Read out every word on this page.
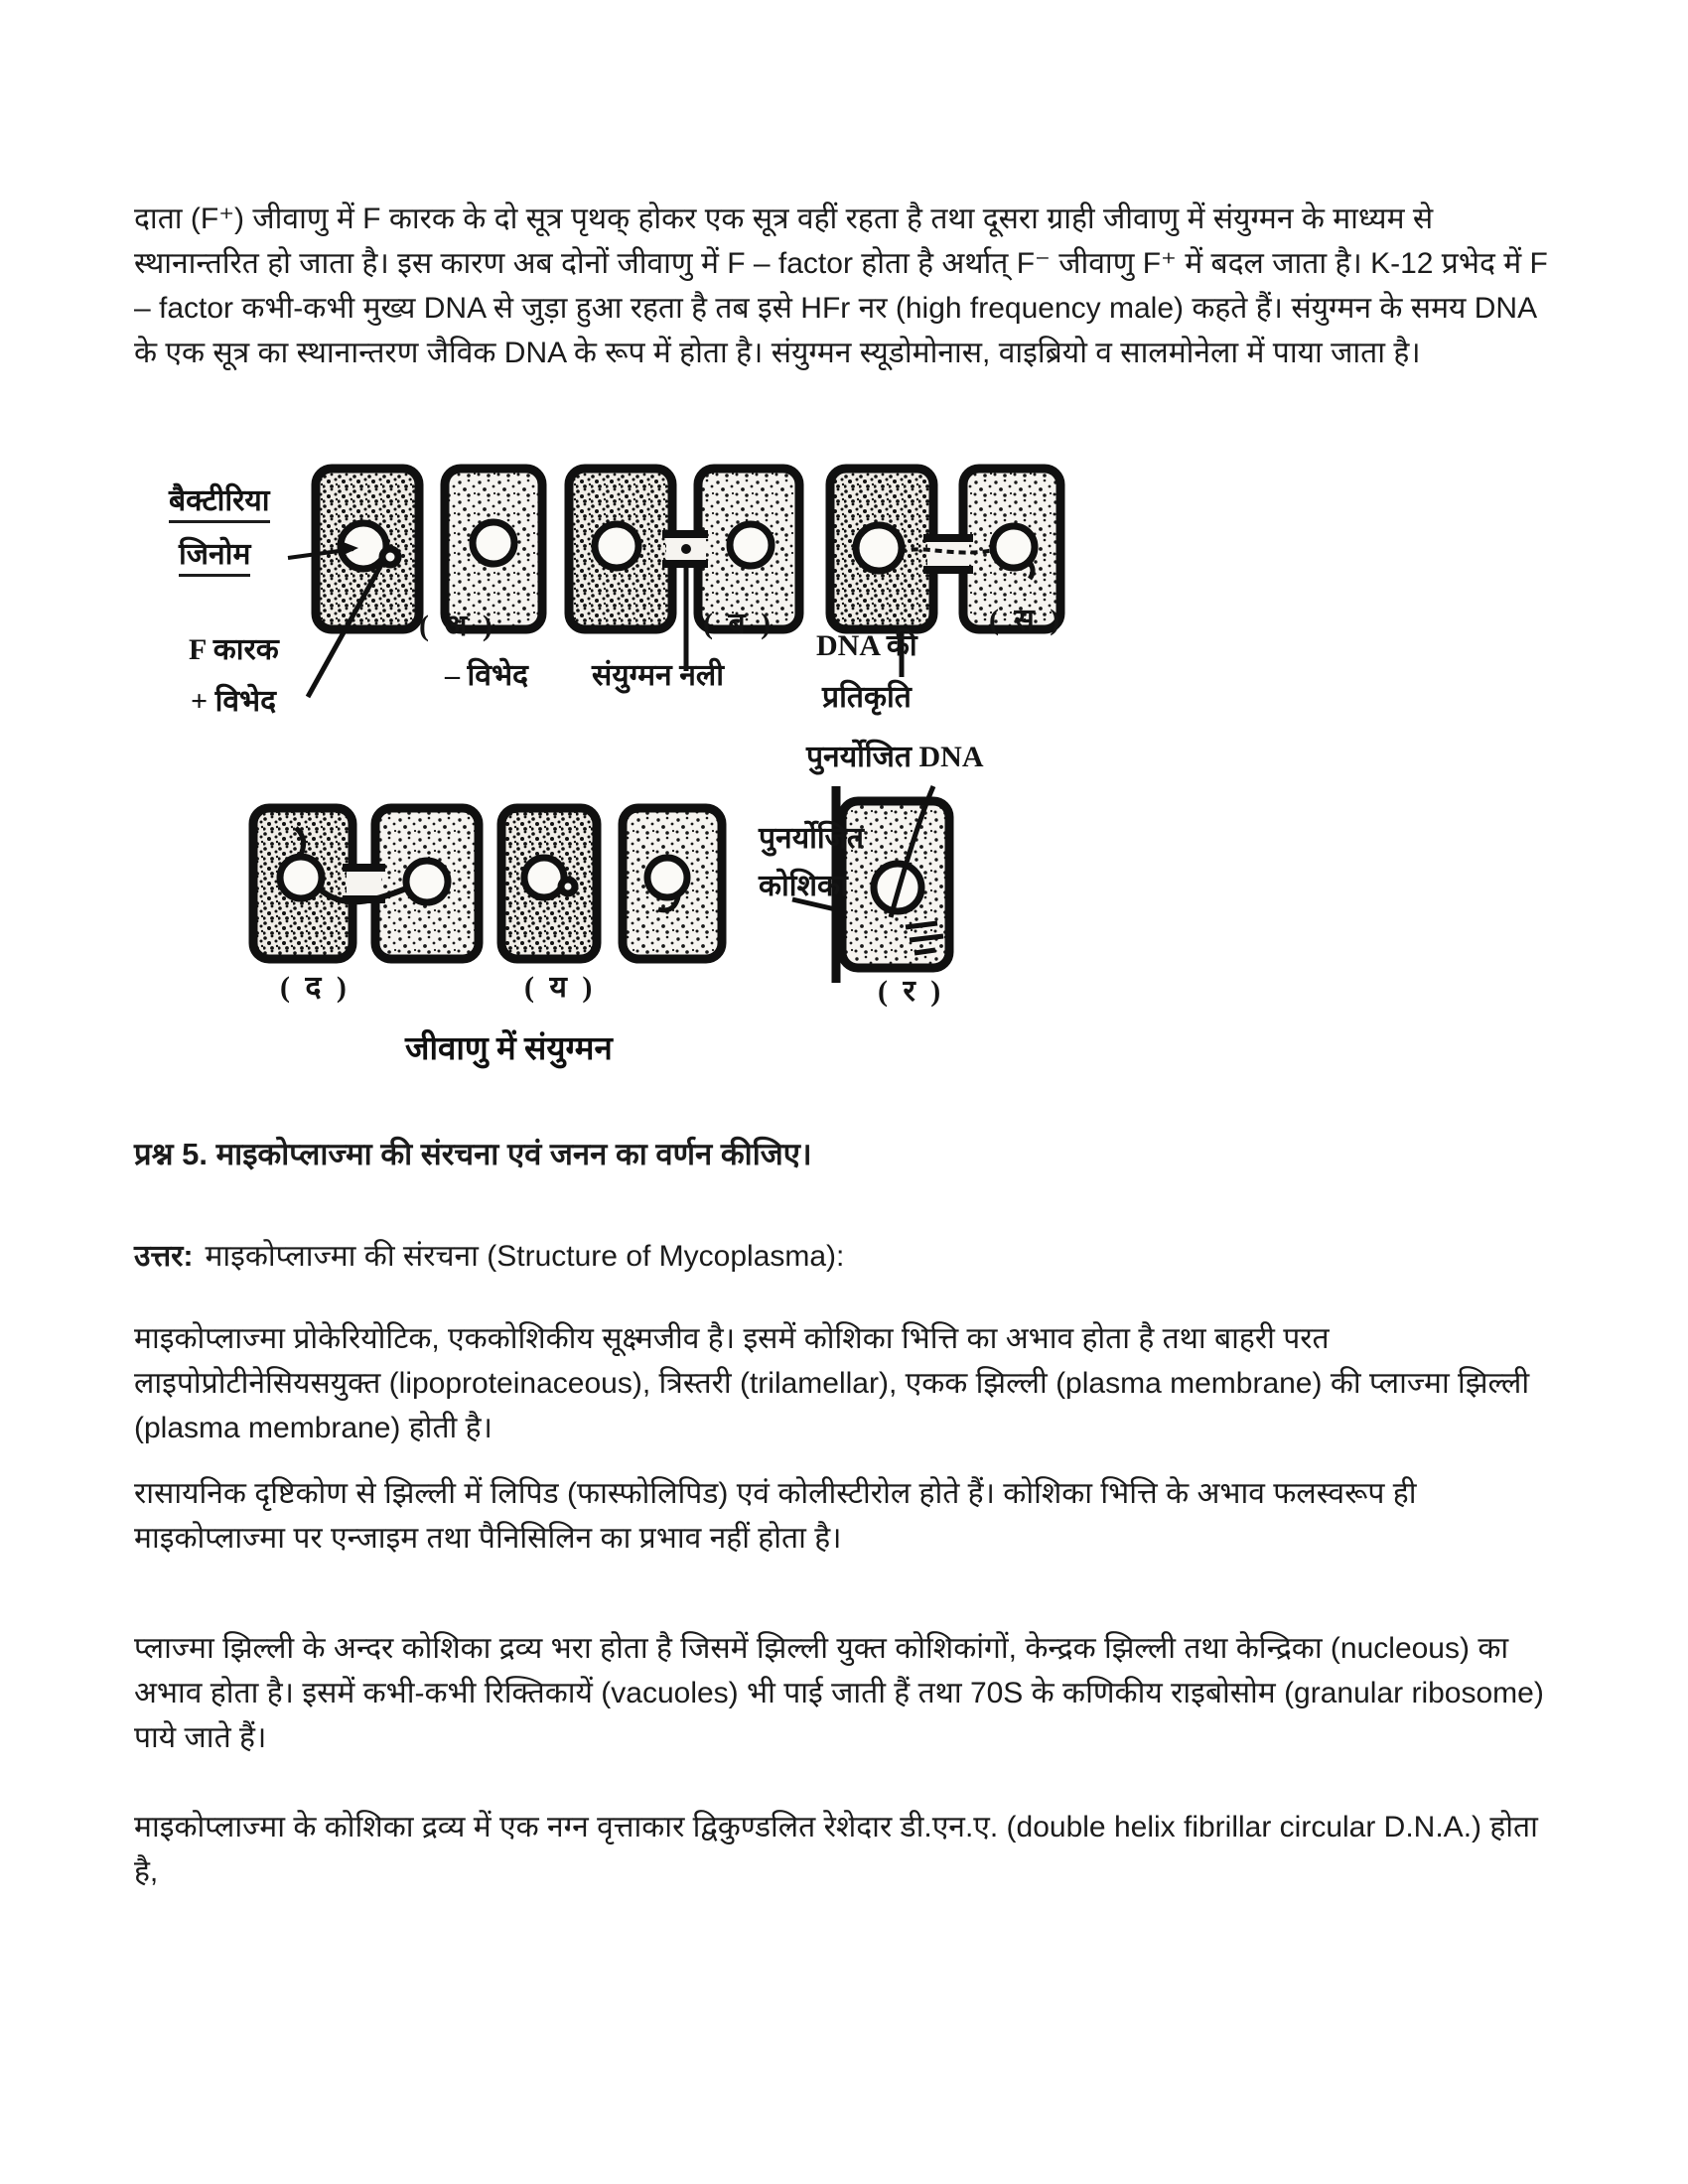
दाता (F⁺) जीवाणु में F कारक के दो सूत्र पृथक् होकर एक सूत्र वहीं रहता है तथा दूसरा ग्राही जीवाणु में संयुग्मन के माध्यम से स्थानान्तरित हो जाता है। इस कारण अब दोनों जीवाणु में F – factor होता है अर्थात् F⁻ जीवाणु F⁺ में बदल जाता है। K-12 प्रभेद में F – factor कभी-कभी मुख्य DNA से जुड़ा हुआ रहता है तब इसे HFr नर (high frequency male) कहते हैं। संयुग्मन के समय DNA के एक सूत्र का स्थानान्तरण जैविक DNA के रूप में होता है। संयुग्मन स्यूडोमोनास, वाइब्रियो व सालमोनेला में पाया जाता है।

बैक्टीरिया
जिनोम
F कारक
+ विभेद
( अ )
– विभेद संयुग्मन नली
( ब )
DNA की
प्रतिकृति
( स )
पुनर्योजित DNA
पुनर्योजित
कोशिका
( द )	( य )	( र )
जीवाणु में संयुग्मन

प्रश्न 5. माइकोप्लाज्मा की संरचना एवं जनन का वर्णन कीजिए।

उत्तर: माइकोप्लाज्मा की संरचना (Structure of Mycoplasma):

माइकोप्लाज्मा प्रोकेरियोटिक, एककोशिकीय सूक्ष्मजीव है। इसमें कोशिका भित्ति का अभाव होता है तथा बाहरी परत लाइपोप्रोटीनेसियसयुक्त (lipoproteinaceous), त्रिस्तरी (trilamellar), एकक झिल्ली (plasma membrane) की प्लाज्मा झिल्ली (plasma membrane) होती है।

रासायनिक दृष्टिकोण से झिल्ली में लिपिड (फास्फोलिपिड) एवं कोलीस्टीरोल होते हैं। कोशिका भित्ति के अभाव फलस्वरूप ही माइकोप्लाज्मा पर एन्जाइम तथा पैनिसिलिन का प्रभाव नहीं होता है।

प्लाज्मा झिल्ली के अन्दर कोशिका द्रव्य भरा होता है जिसमें झिल्ली युक्त कोशिकांगों, केन्द्रक झिल्ली तथा केन्द्रिका (nucleous) का अभाव होता है। इसमें कभी-कभी रिक्तिकायें (vacuoles) भी पाई जाती हैं तथा 70S के कणिकीय राइबोसोम (granular ribosome) पाये जाते हैं।

माइकोप्लाज्मा के कोशिका द्रव्य में एक नग्न वृत्ताकार द्विकुण्डलित रेशेदार डी.एन.ए. (double helix fibrillar circular D.N.A.) होता है,
